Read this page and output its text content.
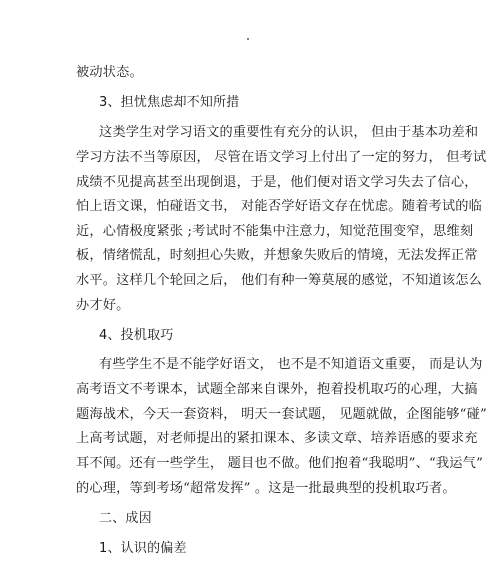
被动状态。
3、担忧焦虑却不知所措
这类学生对学习语文的重要性有充分的认识， 但由于基本功差和
学习方法不当等原因， 尽管在语文学习上付出了一定的努力， 但考试
成绩不见提高甚至出现倒退，于是，他们便对语文学习失去了信心，
怕上语文课，怕碰语文书， 对能否学好语文存在忧虑。随着考试的临
近，心情极度紧张 ;考试时不能集中注意力，知觉范围变窄，思维刻
板，情绪慌乱，时刻担心失败，并想象失败后的情境，无法发挥正常
水平。这样几个轮回之后， 他们有种一筹莫展的感觉，不知道该怎么
办才好。
4、投机取巧
有些学生不是不能学好语文， 也不是不知道语文重要， 而是认为
高考语文不考课本，试题全部来自课外，抱着投机取巧的心理，大搞
题海战术，今天一套资料， 明天一套试题， 见题就做，企图能够“碰”
上高考试题，对老师提出的紧扣课本、多读文章、培养语感的要求充
耳不闻。还有一些学生， 题目也不做。他们抱着“我聪明”、“我运气”
的心理，等到考场“超常发挥” 。这是一批最典型的投机取巧者。
二、成因
1、认识的偏差
